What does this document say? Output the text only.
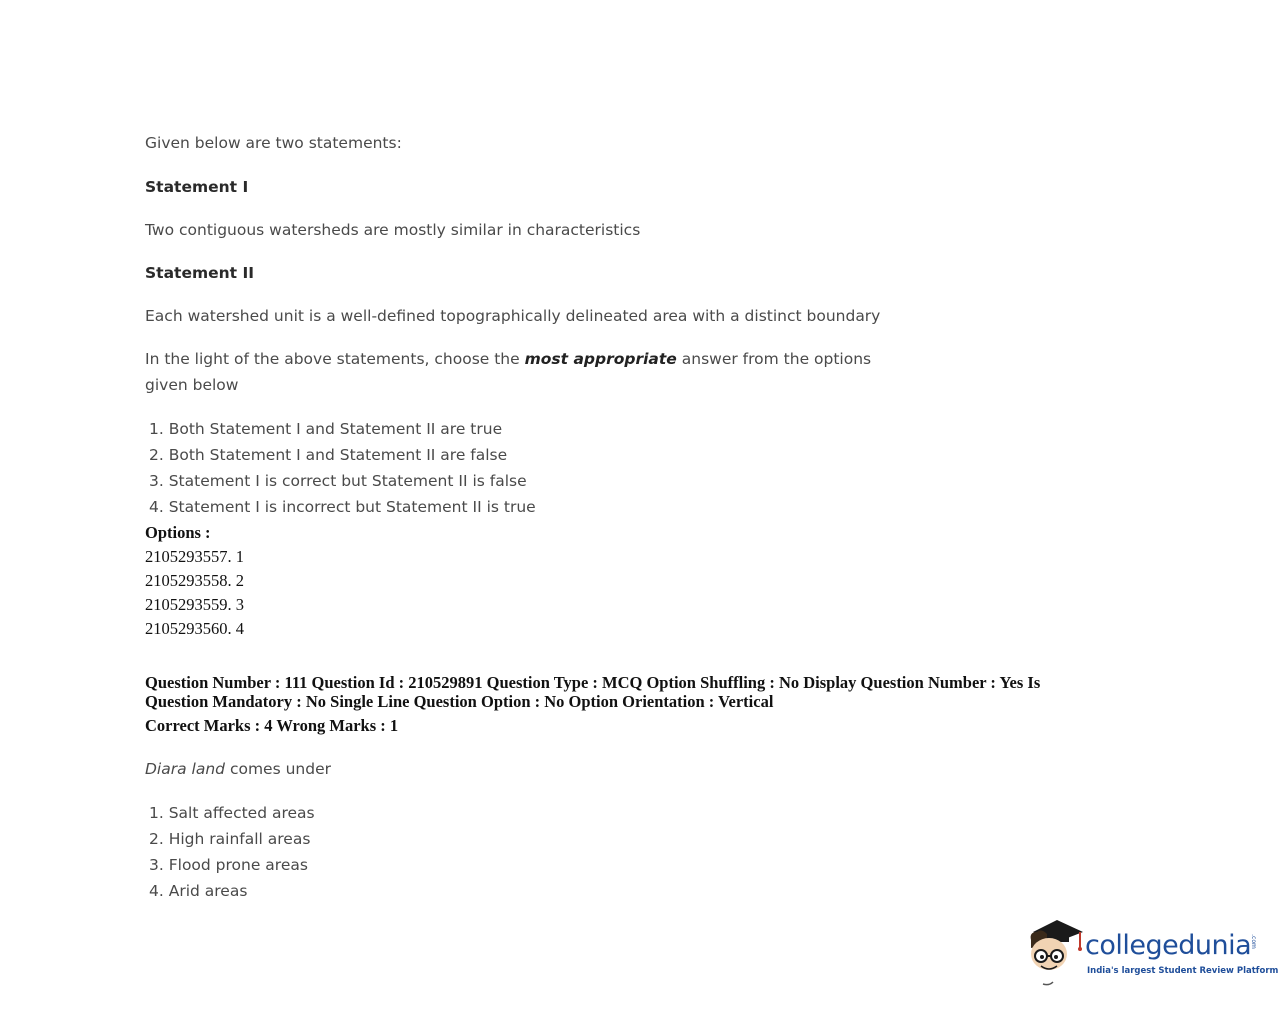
Given below are two statements:
Statement I
Two contiguous watersheds are mostly similar in characteristics
Statement II
Each watershed unit is a well-defined topographically delineated area with a distinct boundary
In the light of the above statements, choose the most appropriate answer from the options
given below
1. Both Statement I and Statement II are true
2. Both Statement I and Statement II are false
3. Statement I is correct but Statement II is false
4. Statement I is incorrect but Statement II is true
Options :
2105293557. 1
2105293558. 2
2105293559. 3
2105293560. 4
Question Number : 111 Question Id : 210529891 Question Type : MCQ Option Shuffling : No Display Question Number : Yes Is
Question Mandatory : No Single Line Question Option : No Option Orientation : Vertical
Correct Marks : 4 Wrong Marks : 1
Diara land comes under
1. Salt affected areas
2. High rainfall areas
3. Flood prone areas
4. Arid areas
collegedunia
.com
India's largest Student Review Platform
